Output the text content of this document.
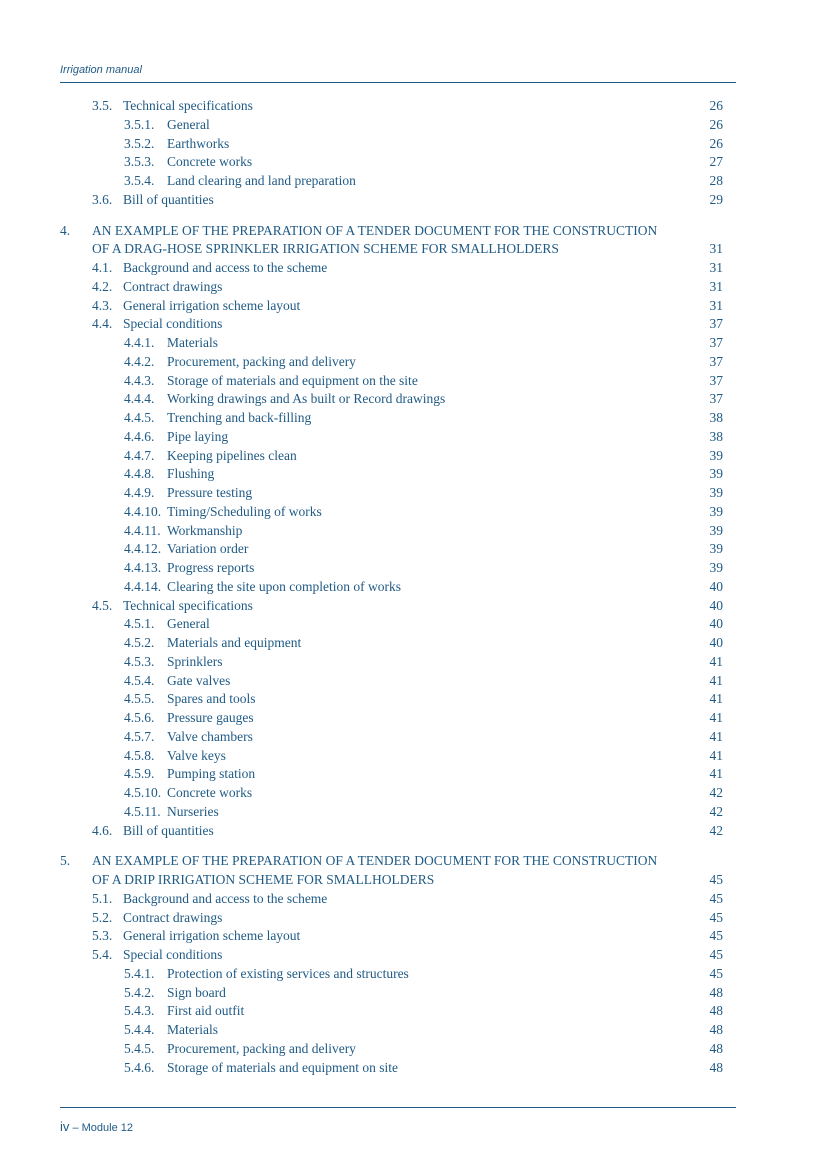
Irrigation manual
3.5. Technical specifications	26
3.5.1. General	26
3.5.2. Earthworks	26
3.5.3. Concrete works	27
3.5.4. Land clearing and land preparation	28
3.6. Bill of quantities	29
4. AN EXAMPLE OF THE PREPARATION OF A TENDER DOCUMENT FOR THE CONSTRUCTION
OF A DRAG-HOSE SPRINKLER IRRIGATION SCHEME FOR SMALLHOLDERS	31
4.1. Background and access to the scheme	31
4.2. Contract drawings	31
4.3. General irrigation scheme layout	31
4.4. Special conditions	37
4.4.1. Materials	37
4.4.2. Procurement, packing and delivery	37
4.4.3. Storage of materials and equipment on the site	37
4.4.4. Working drawings and As built or Record drawings	37
4.4.5. Trenching and back-filling	38
4.4.6. Pipe laying	38
4.4.7. Keeping pipelines clean	39
4.4.8. Flushing	39
4.4.9. Pressure testing	39
4.4.10. Timing/Scheduling of works	39
4.4.11. Workmanship	39
4.4.12. Variation order	39
4.4.13. Progress reports	39
4.4.14. Clearing the site upon completion of works	40
4.5. Technical specifications	40
4.5.1. General	40
4.5.2. Materials and equipment	40
4.5.3. Sprinklers	41
4.5.4. Gate valves	41
4.5.5. Spares and tools	41
4.5.6. Pressure gauges	41
4.5.7. Valve chambers	41
4.5.8. Valve keys	41
4.5.9. Pumping station	41
4.5.10. Concrete works	42
4.5.11. Nurseries	42
4.6. Bill of quantities	42
5. AN EXAMPLE OF THE PREPARATION OF A TENDER DOCUMENT FOR THE CONSTRUCTION
OF A DRIP IRRIGATION SCHEME FOR SMALLHOLDERS	45
5.1. Background and access to the scheme	45
5.2. Contract drawings	45
5.3. General irrigation scheme layout	45
5.4. Special conditions	45
5.4.1. Protection of existing services and structures	45
5.4.2. Sign board	48
5.4.3. First aid outfit	48
5.4.4. Materials	48
5.4.5. Procurement, packing and delivery	48
5.4.6. Storage of materials and equipment on site	48
iv – Module 12
